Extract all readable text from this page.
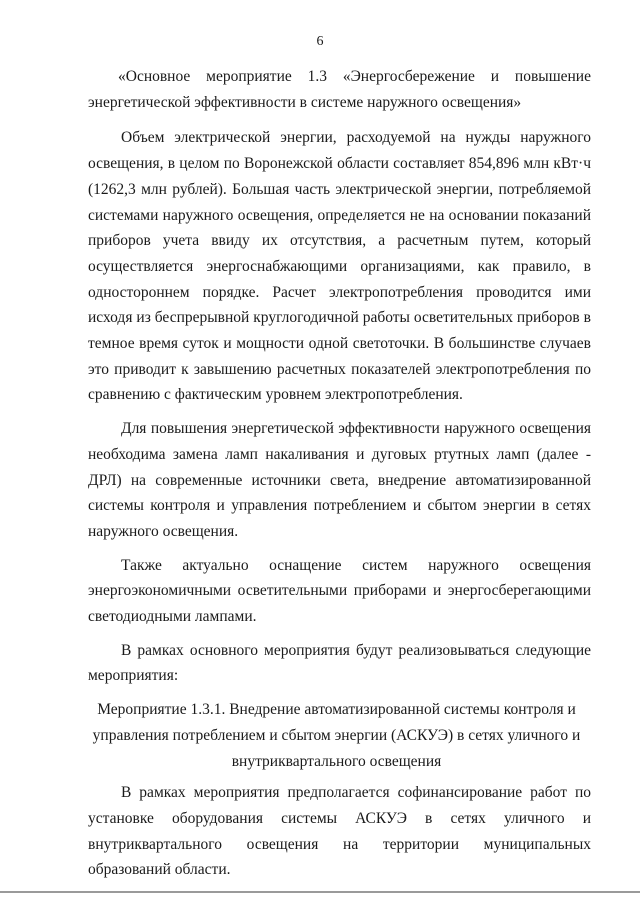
6

«Основное мероприятие 1.3 «Энергосбережение и повышение энергетической эффективности в системе наружного освещения»

Объем электрической энергии, расходуемой на нужды наружного освещения, в целом по Воронежской области составляет 854,896 млн кВт·ч (1262,3 млн рублей). Большая часть электрической энергии, потребляемой системами наружного освещения, определяется не на основании показаний приборов учета ввиду их отсутствия, а расчетным путем, который осуществляется энергоснабжающими организациями, как правило, в одностороннем порядке. Расчет электропотребления проводится ими исходя из беспрерывной круглогодичной работы осветительных приборов в темное время суток и мощности одной светоточки. В большинстве случаев это приводит к завышению расчетных показателей электропотребления по сравнению с фактическим уровнем электропотребления.

Для повышения энергетической эффективности наружного освещения необходима замена ламп накаливания и дуговых ртутных ламп (далее - ДРЛ) на современные источники света, внедрение автоматизированной системы контроля и управления потреблением и сбытом энергии в сетях наружного освещения.

Также актуально оснащение систем наружного освещения энергоэкономичными осветительными приборами и энергосберегающими светодиодными лампами.

В рамках основного мероприятия будут реализовываться следующие мероприятия:

Мероприятие 1.3.1. Внедрение автоматизированной системы контроля и управления потреблением и сбытом энергии (АСКУЭ) в сетях уличного и внутриквартального освещения

В рамках мероприятия предполагается софинансирование работ по установке оборудования системы АСКУЭ в сетях уличного и внутриквартального освещения на территории муниципальных образований области.
